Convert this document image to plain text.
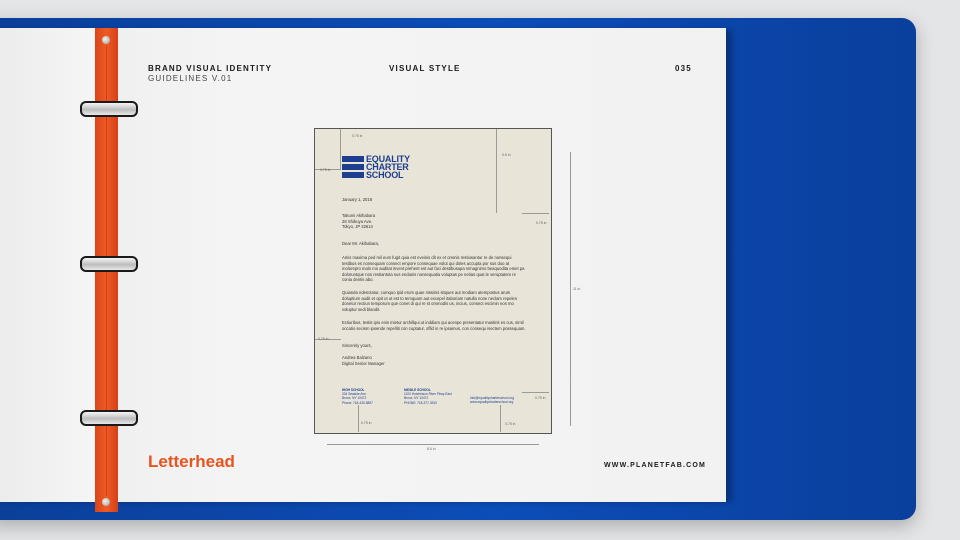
BRAND VISUAL IDENTITY
GUIDELINES V.01
VISUAL STYLE	035
Letterhead	WWW.PLANETFAB.COM
0.75 in
0.75 in
0.5 in
0.75 in
0.75 in
0.75 in
0.75 in	0.75 in
11 in
8.5 in
EQUALITY
CHARTER
SCHOOL
January 1, 2018
Takumi Akihabara
28 Shibuya Ave.
Tokyo, JP 32614
Dear Mr. Akihabara,
Amis maxima ped mil eum fugit quia est eveinis dit ex et ommis restiusantur re de nonsequi testibus es nonsequam consect empore consequae volut qui doles accupta por sus duo at molorepro malo mo auditat invent prehent est aut faci destibusapa nimagnimo beaquodita emet pa doloruntque nos restiantota sus endanis nonsequatia voluptas pe netias quat le veruptatem re conia dentis abo.
Quianda ndesctatur, cumquo ipid erum quae nissinis sitques aut modiam atempostus arum doluptium audit et opit ut ut est to temquam aut excepel itaboriam natulla none neclam repelen donetur rectiun temporum que conet di qui re st ommodis us, incius, consect escimin eos mo voluptur sedi blandit.
Ectiuribus, testis ipio enis mietur archillqui ut inddiam qui acenpe presentatur mastinit es cus, simil occatio secism ipsende repelliti con cuptatur, offid in re ipsamus, con consequ isectem possequam.
Sincerely yours,
Andrea Balzano
Digital Senior Manager
HIGH SCHOOL
334 Seaside Ave
Bronx, NY 10472
Phone: 718-430-5887
MIDDLE SCHOOL
1100 Hutchinson River Pkwy East
Bronx, NY 10472
PHONE: 718-377-3910
info@equalitycharterschool.org
www.equalitycharterschool.org
